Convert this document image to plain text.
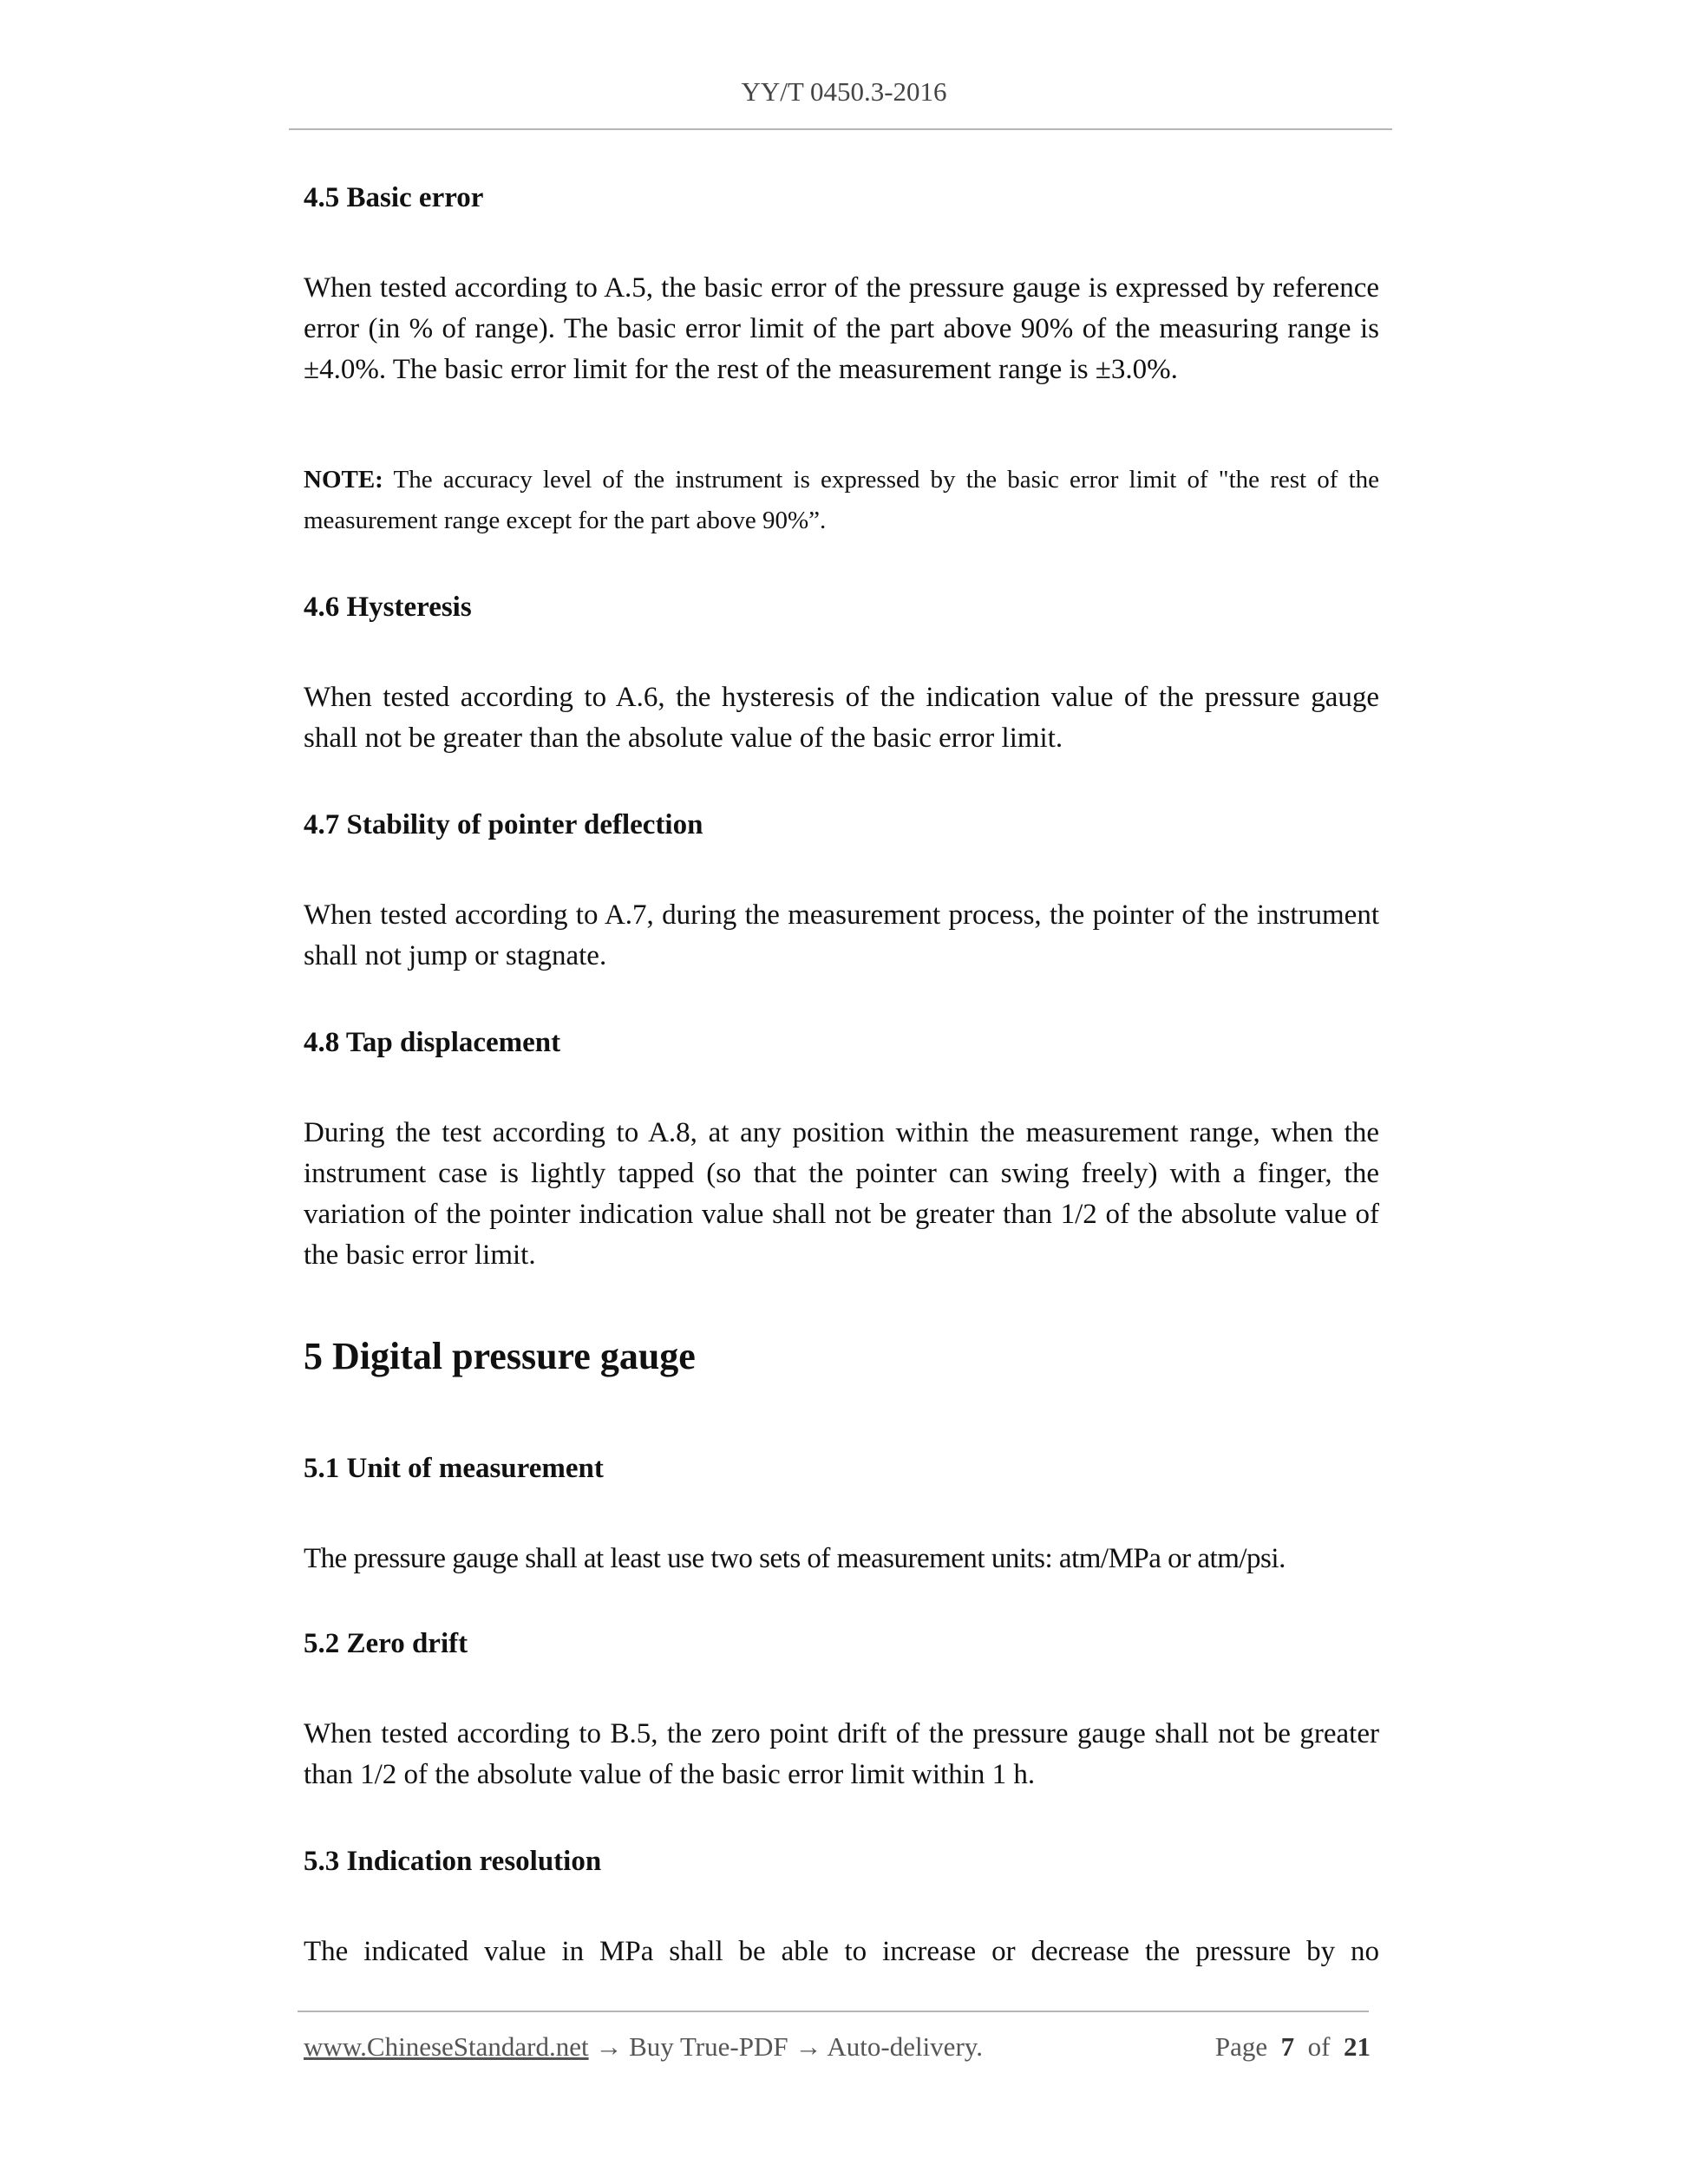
YY/T 0450.3-2016
4.5 Basic error
When tested according to A.5, the basic error of the pressure gauge is expressed by reference error (in % of range). The basic error limit of the part above 90% of the measuring range is ±4.0%. The basic error limit for the rest of the measurement range is ±3.0%.
NOTE: The accuracy level of the instrument is expressed by the basic error limit of "the rest of the measurement range except for the part above 90%”.
4.6 Hysteresis
When tested according to A.6, the hysteresis of the indication value of the pressure gauge shall not be greater than the absolute value of the basic error limit.
4.7 Stability of pointer deflection
When tested according to A.7, during the measurement process, the pointer of the instrument shall not jump or stagnate.
4.8 Tap displacement
During the test according to A.8, at any position within the measurement range, when the instrument case is lightly tapped (so that the pointer can swing freely) with a finger, the variation of the pointer indication value shall not be greater than 1/2 of the absolute value of the basic error limit.
5 Digital pressure gauge
5.1 Unit of measurement
The pressure gauge shall at least use two sets of measurement units: atm/MPa or atm/psi.
5.2 Zero drift
When tested according to B.5, the zero point drift of the pressure gauge shall not be greater than 1/2 of the absolute value of the basic error limit within 1 h.
5.3 Indication resolution
The indicated value in MPa shall be able to increase or decrease the pressure by no
www.ChineseStandard.net → Buy True-PDF → Auto-delivery.	Page 7 of 21
